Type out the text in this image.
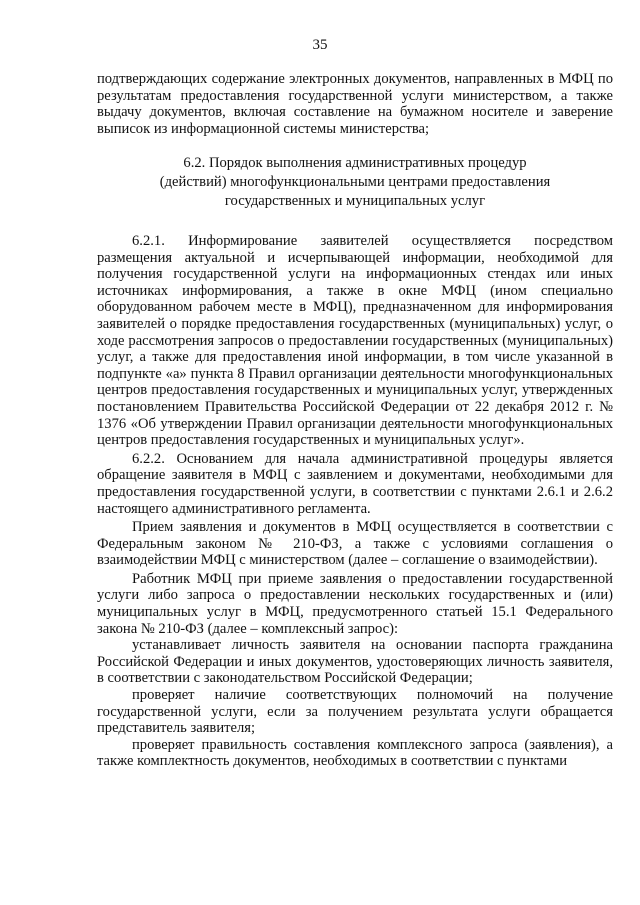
35

подтверждающих содержание электронных документов, направленных в МФЦ по результатам предоставления государственной услуги министерством, а также выдачу документов, включая составление на бумажном носителе и заверение выписок из информационной системы министерства;

6.2. Порядок выполнения административных процедур
(действий) многофункциональными центрами предоставления
государственных и муниципальных услуг

6.2.1. Информирование заявителей осуществляется посредством размещения актуальной и исчерпывающей информации, необходимой для получения государственной услуги на информационных стендах или иных источниках информирования, а также в окне МФЦ (ином специально оборудованном рабочем месте в МФЦ), предназначенном для информирования заявителей о порядке предоставления государственных (муниципальных) услуг, о ходе рассмотрения запросов о предоставлении государственных (муниципальных) услуг, а также для предоставления иной информации, в том числе указанной в подпункте «а» пункта 8 Правил организации деятельности многофункциональных центров предоставления государственных и муниципальных услуг, утвержденных постановлением Правительства Российской Федерации от 22 декабря 2012 г. № 1376 «Об утверждении Правил организации деятельности многофункциональных центров предоставления государственных и муниципальных услуг».

6.2.2. Основанием для начала административной процедуры является обращение заявителя в МФЦ с заявлением и документами, необходимыми для предоставления государственной услуги, в соответствии с пунктами 2.6.1 и 2.6.2 настоящего административного регламента.

Прием заявления и документов в МФЦ осуществляется в соответствии с Федеральным законом № 210-ФЗ, а также с условиями соглашения о взаимодействии МФЦ с министерством (далее – соглашение о взаимодействии).

Работник МФЦ при приеме заявления о предоставлении государственной услуги либо запроса о предоставлении нескольких государственных и (или) муниципальных услуг в МФЦ, предусмотренного статьей 15.1 Федерального закона № 210-ФЗ (далее – комплексный запрос):

устанавливает личность заявителя на основании паспорта гражданина Российской Федерации и иных документов, удостоверяющих личность заявителя, в соответствии с законодательством Российской Федерации;

проверяет наличие соответствующих полномочий на получение государственной услуги, если за получением результата услуги обращается представитель заявителя;

проверяет правильность составления комплексного запроса (заявления), а также комплектность документов, необходимых в соответствии с пунктами
